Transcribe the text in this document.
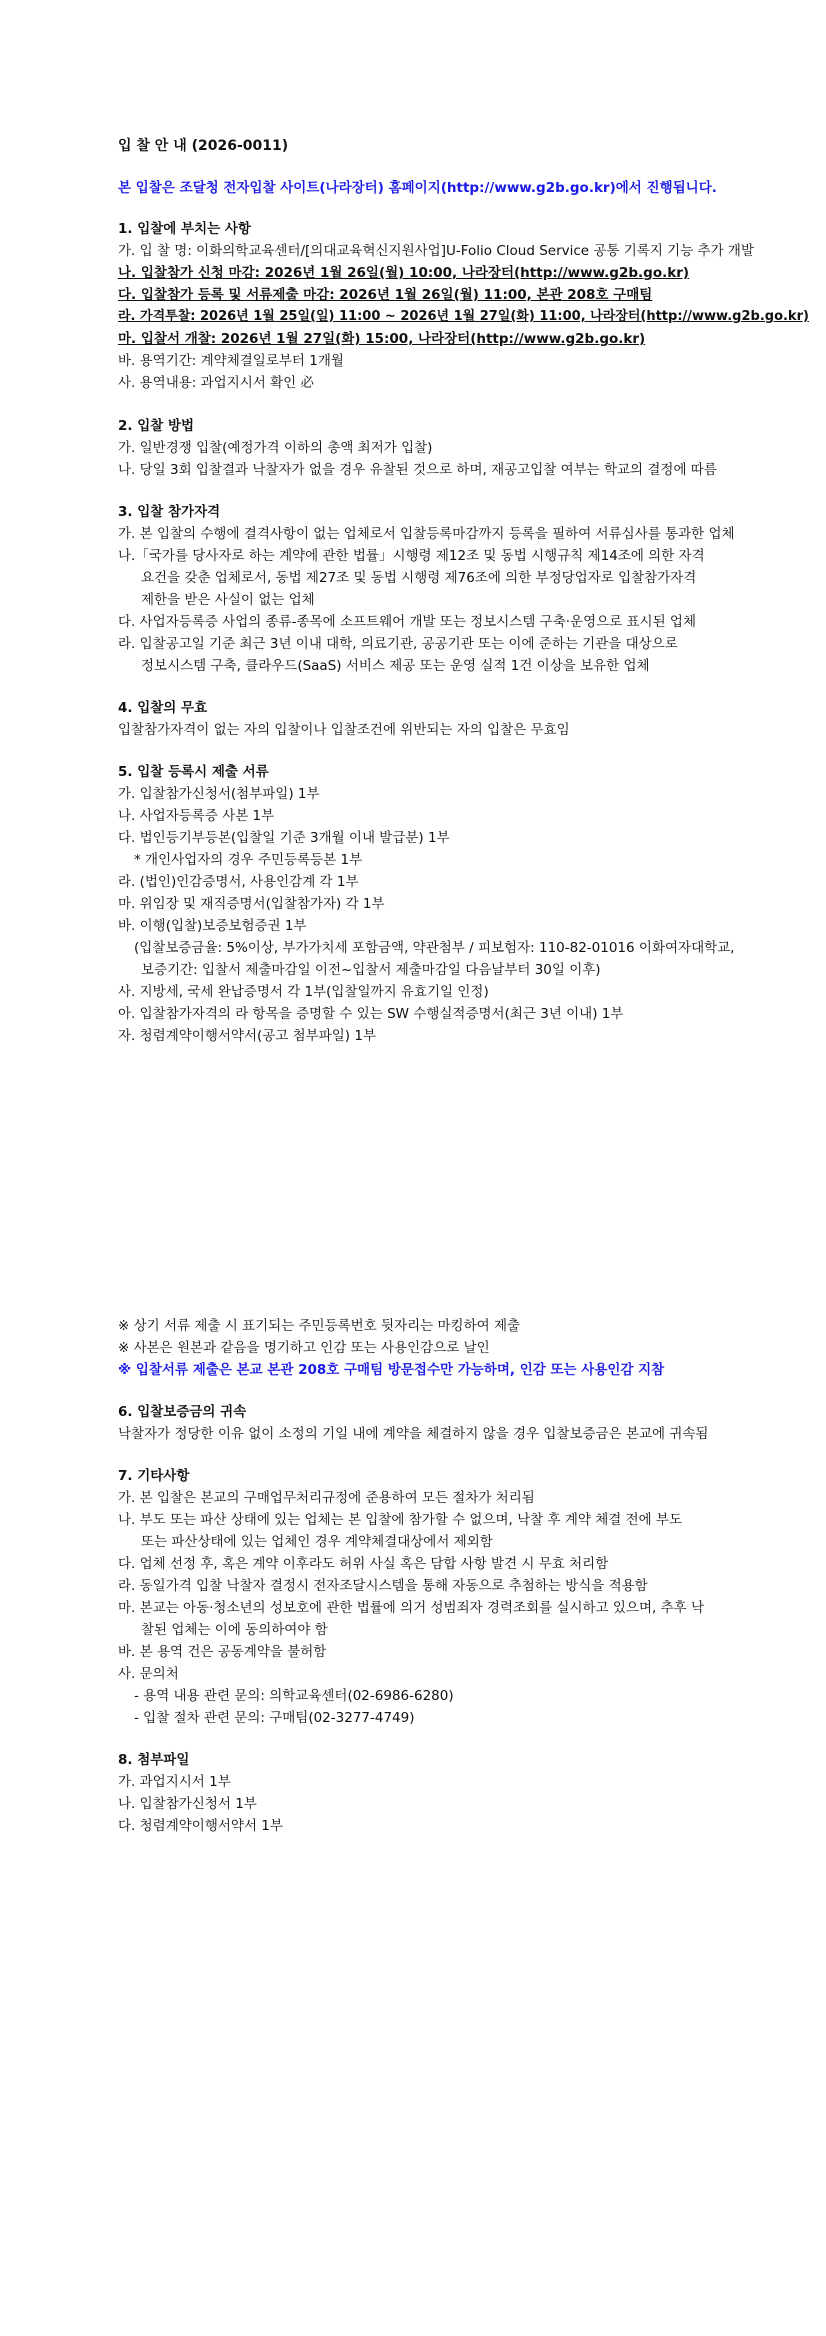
입 찰 안 내 (2026-0011)
본 입찰은 조달청 전자입찰 사이트(나라장터) 홈페이지(http://www.g2b.go.kr)에서 진행됩니다.
1. 입찰에 부치는 사항
가. 입 찰 명: 이화의학교육센터/[의대교육혁신지원사업]U-Folio Cloud Service 공통 기록지 기능 추가 개발
나. 입찰참가 신청 마감: 2026년 1월 26일(월) 10:00, 나라장터(http://www.g2b.go.kr)
다. 입찰참가 등록 및 서류제출 마감: 2026년 1월 26일(월) 11:00, 본관 208호 구매팀
라. 가격투찰: 2026년 1월 25일(일) 11:00 ~ 2026년 1월 27일(화) 11:00, 나라장터(http://www.g2b.go.kr)
마. 입찰서 개찰: 2026년 1월 27일(화) 15:00, 나라장터(http://www.g2b.go.kr)
바. 용역기간: 계약체결일로부터 1개월
사. 용역내용: 과업지시서 확인 必
2. 입찰 방법
가. 일반경쟁 입찰(예정가격 이하의 총액 최저가 입찰)
나. 당일 3회 입찰결과 낙찰자가 없을 경우 유찰된 것으로 하며, 재공고입찰 여부는 학교의 결정에 따름
3. 입찰 참가자격
가. 본 입찰의 수행에 결격사항이 없는 업체로서 입찰등록마감까지 등록을 필하여 서류심사를 통과한 업체
나.「국가를 당사자로 하는 계약에 관한 법률」시행령 제12조 및 동법 시행규칙 제14조에 의한 자격
요건을 갖춘 업체로서, 동법 제27조 및 동법 시행령 제76조에 의한 부정당업자로 입찰참가자격
제한을 받은 사실이 없는 업체
다. 사업자등록증 사업의 종류-종목에 소프트웨어 개발 또는 정보시스템 구축·운영으로 표시된 업체
라. 입찰공고일 기준 최근 3년 이내 대학, 의료기관, 공공기관 또는 이에 준하는 기관을 대상으로
정보시스템 구축, 클라우드(SaaS) 서비스 제공 또는 운영 실적 1건 이상을 보유한 업체
4. 입찰의 무효
입찰참가자격이 없는 자의 입찰이나 입찰조건에 위반되는 자의 입찰은 무효임
5. 입찰 등록시 제출 서류
가. 입찰참가신청서(첨부파일) 1부
나. 사업자등록증 사본 1부
다. 법인등기부등본(입찰일 기준 3개월 이내 발급분) 1부
* 개인사업자의 경우 주민등록등본 1부
라. (법인)인감증명서, 사용인감계 각 1부
마. 위임장 및 재직증명서(입찰참가자) 각 1부
바. 이행(입찰)보증보험증권 1부
(입찰보증금율: 5%이상, 부가가치세 포함금액, 약관첨부 / 피보험자: 110-82-01016 이화여자대학교,
보증기간: 입찰서 제출마감일 이전~입찰서 제출마감일 다음날부터 30일 이후)
사. 지방세, 국세 완납증명서 각 1부(입찰일까지 유효기일 인정)
아. 입찰참가자격의 라 항목을 증명할 수 있는 SW 수행실적증명서(최근 3년 이내) 1부
자. 청렴계약이행서약서(공고 첨부파일) 1부
※ 상기 서류 제출 시 표기되는 주민등록번호 뒷자리는 마킹하여 제출
※ 사본은 원본과 같음을 명기하고 인감 또는 사용인감으로 날인
※ 입찰서류 제출은 본교 본관 208호 구매팀 방문접수만 가능하며, 인감 또는 사용인감 지참
6. 입찰보증금의 귀속
낙찰자가 정당한 이유 없이 소정의 기일 내에 계약을 체결하지 않을 경우 입찰보증금은 본교에 귀속됨
7. 기타사항
가. 본 입찰은 본교의 구매업무처리규정에 준용하여 모든 절차가 처리됨
나. 부도 또는 파산 상태에 있는 업체는 본 입찰에 참가할 수 없으며, 낙찰 후 계약 체결 전에 부도
또는 파산상태에 있는 업체인 경우 계약체결대상에서 제외함
다. 업체 선정 후, 혹은 계약 이후라도 허위 사실 혹은 담합 사항 발견 시 무효 처리함
라. 동일가격 입찰 낙찰자 결정시 전자조달시스템을 통해 자동으로 추첨하는 방식을 적용함
마. 본교는 아동·청소년의 성보호에 관한 법률에 의거 성범죄자 경력조회를 실시하고 있으며, 추후 낙
찰된 업체는 이에 동의하여야 함
바. 본 용역 건은 공동계약을 불허함
사. 문의처
- 용역 내용 관련 문의: 의학교육센터(02-6986-6280)
- 입찰 절차 관련 문의: 구매팀(02-3277-4749)
8. 첨부파일
가. 과업지시서 1부
나. 입찰참가신청서 1부
다. 청렴계약이행서약서 1부
